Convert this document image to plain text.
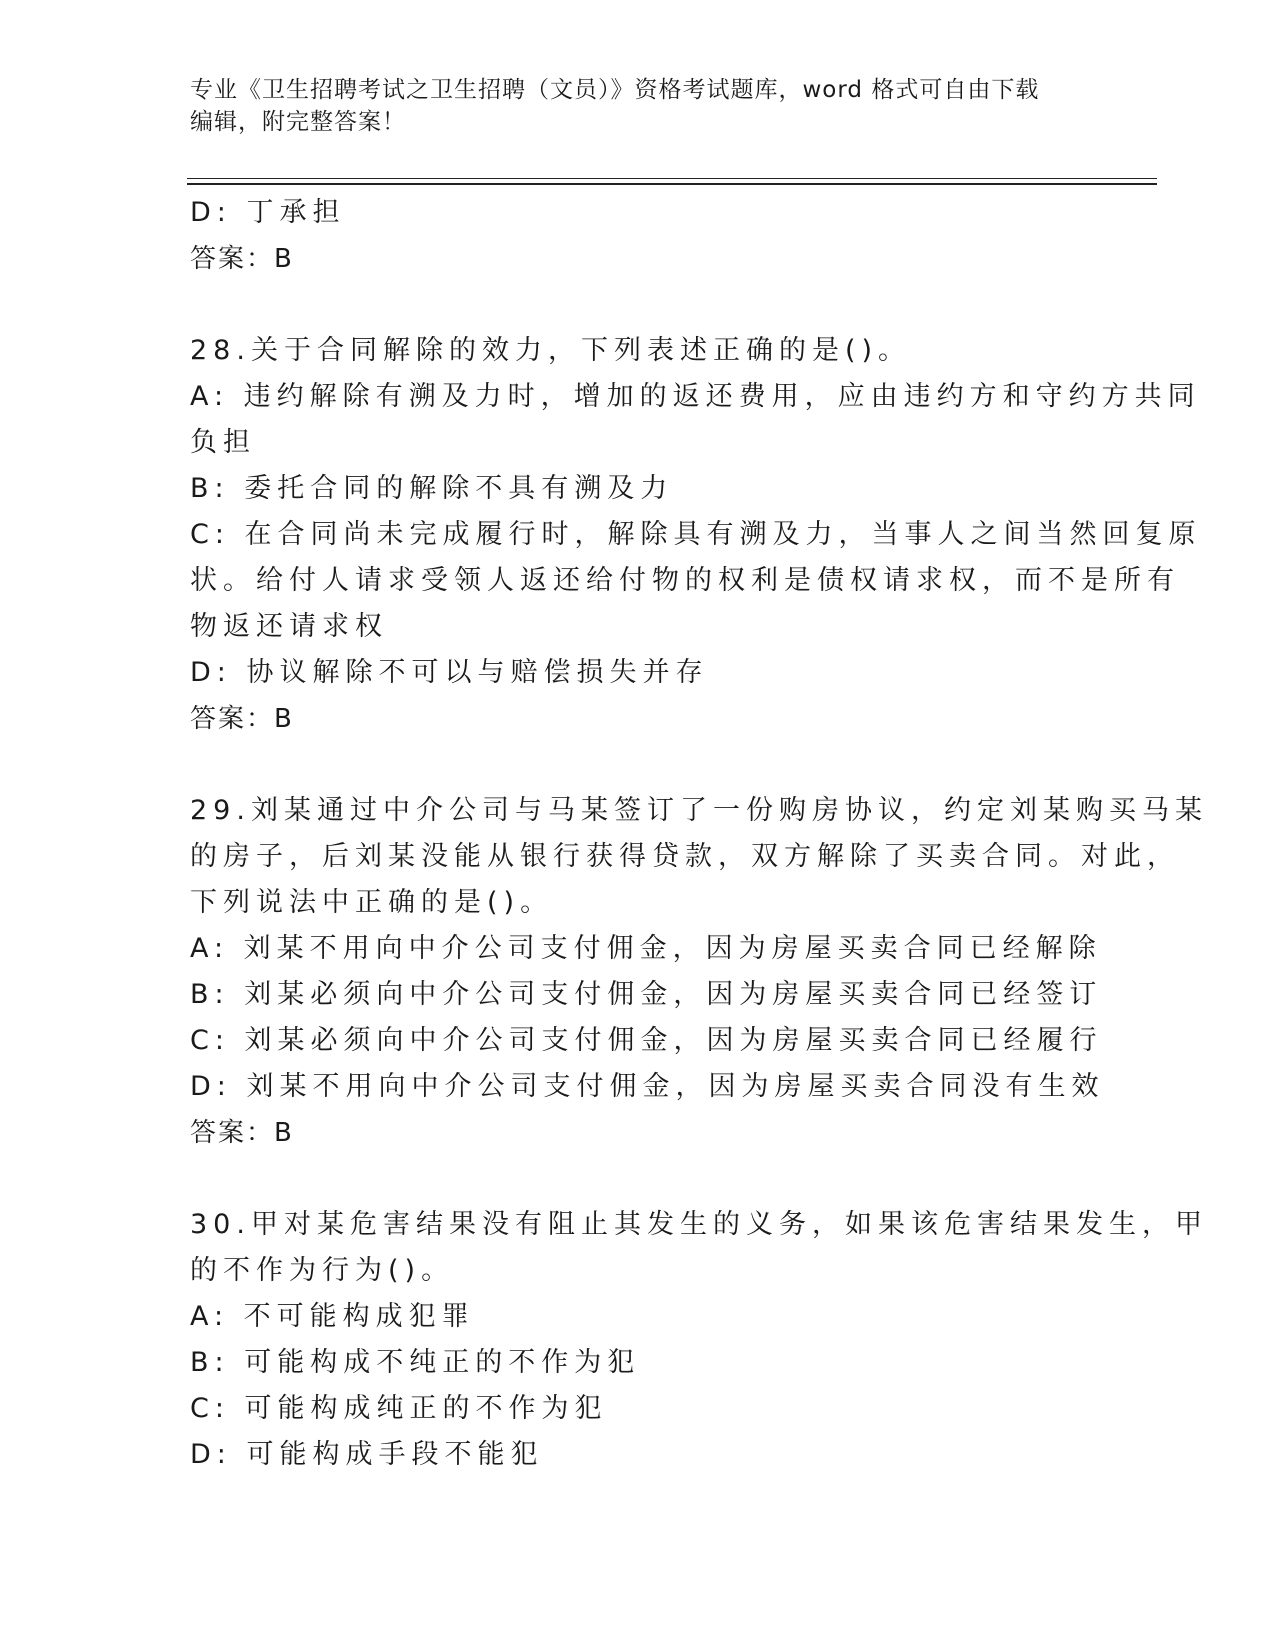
专业《卫生招聘考试之卫生招聘（文员）》资格考试题库，word 格式可自由下载
编辑，附完整答案！
D: 丁承担
答案：B
28.关于合同解除的效力，下列表述正确的是()。
A: 违约解除有溯及力时，增加的返还费用，应由违约方和守约方共同
负担
B: 委托合同的解除不具有溯及力
C: 在合同尚未完成履行时，解除具有溯及力，当事人之间当然回复原
状。给付人请求受领人返还给付物的权利是债权请求权，而不是所有
物返还请求权
D: 协议解除不可以与赔偿损失并存
答案：B
29.刘某通过中介公司与马某签订了一份购房协议，约定刘某购买马某
的房子，后刘某没能从银行获得贷款，双方解除了买卖合同。对此，
下列说法中正确的是()。
A: 刘某不用向中介公司支付佣金，因为房屋买卖合同已经解除
B: 刘某必须向中介公司支付佣金，因为房屋买卖合同已经签订
C: 刘某必须向中介公司支付佣金，因为房屋买卖合同已经履行
D: 刘某不用向中介公司支付佣金，因为房屋买卖合同没有生效
答案：B
30.甲对某危害结果没有阻止其发生的义务，如果该危害结果发生，甲
的不作为行为()。
A: 不可能构成犯罪
B: 可能构成不纯正的不作为犯
C: 可能构成纯正的不作为犯
D: 可能构成手段不能犯
